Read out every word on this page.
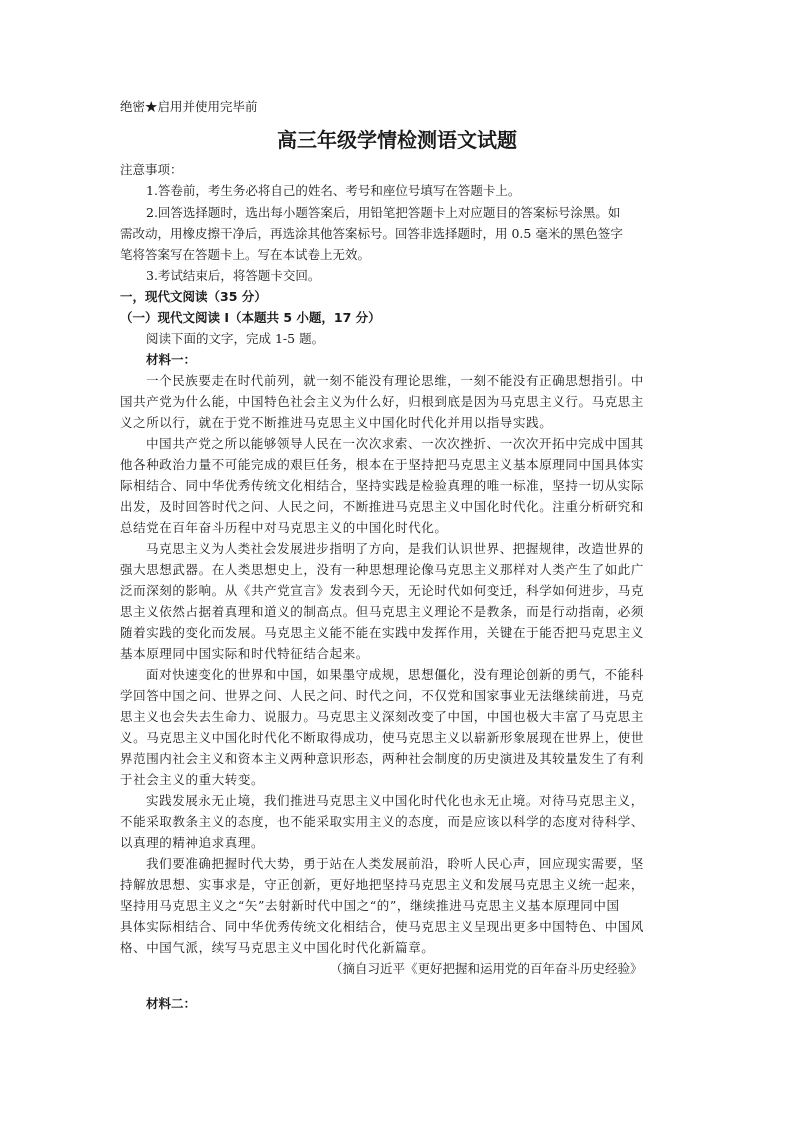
绝密★启用并使用完毕前
高三年级学情检测语文试题
注意事项：
1.答卷前，考生务必将自己的姓名、考号和座位号填写在答题卡上。
2.回答选择题时，选出每小题答案后，用铅笔把答题卡上对应题目的答案标号涂黑。如
需改动，用橡皮擦干净后，再选涂其他答案标号。回答非选择题时，用 0.5 毫米的黑色签字
笔将答案写在答题卡上。写在本试卷上无效。
3.考试结束后，将答题卡交回。
一，现代文阅读（35 分）
（一）现代文阅读 I（本题共 5 小题，17 分）
阅读下面的文字，完成 1-5 题。
材料一：
一个民族要走在时代前列，就一刻不能没有理论思维，一刻不能没有正确思想指引。中
国共产党为什么能，中国特色社会主义为什么好，归根到底是因为马克思主义行。马克思主
义之所以行，就在于党不断推进马克思主义中国化时代化并用以指导实践。
中国共产党之所以能够领导人民在一次次求索、一次次挫折、一次次开拓中完成中国其
他各种政治力量不可能完成的艰巨任务，根本在于坚持把马克思主义基本原理同中国具体实
际相结合、同中华优秀传统文化相结合，坚持实践是检验真理的唯一标准，坚持一切从实际
出发，及时回答时代之问、人民之问，不断推进马克思主义中国化时代化。注重分析研究和
总结党在百年奋斗历程中对马克思主义的中国化时代化。
马克思主义为人类社会发展进步指明了方向，是我们认识世界、把握规律，改造世界的
强大思想武器。在人类思想史上，没有一种思想理论像马克思主义那样对人类产生了如此广
泛而深刻的影响。从《共产党宣言》发表到今天，无论时代如何变迁，科学如何进步，马克
思主义依然占据着真理和道义的制高点。但马克思主义理论不是教条，而是行动指南，必须
随着实践的变化而发展。马克思主义能不能在实践中发挥作用，关键在于能否把马克思主义
基本原理同中国实际和时代特征结合起来。
面对快速变化的世界和中国，如果墨守成规，思想僵化，没有理论创新的勇气，不能科
学回答中国之问、世界之问、人民之问、时代之问，不仅党和国家事业无法继续前进，马克
思主义也会失去生命力、说服力。马克思主义深刻改变了中国，中国也极大丰富了马克思主
义。马克思主义中国化时代化不断取得成功，使马克思主义以崭新形象展现在世界上，使世
界范围内社会主义和资本主义两种意识形态，两种社会制度的历史演进及其较量发生了有利
于社会主义的重大转变。
实践发展永无止境，我们推进马克思主义中国化时代化也永无止境。对待马克思主义，
不能采取教条主义的态度，也不能采取实用主义的态度，而是应该以科学的态度对待科学、
以真理的精神追求真理。
我们要准确把握时代大势，勇于站在人类发展前沿，聆听人民心声，回应现实需要，坚
持解放思想、实事求是，守正创新，更好地把坚持马克思主义和发展马克思主义统一起来，
坚持用马克思主义之“矢”去射新时代中国之“的”，继续推进马克思主义基本原理同中国
具体实际相结合、同中华优秀传统文化相结合，使马克思主义呈现出更多中国特色、中国风
格、中国气派，续写马克思主义中国化时代化新篇章。
（摘自习近平《更好把握和运用党的百年奋斗历史经验》
材料二：
